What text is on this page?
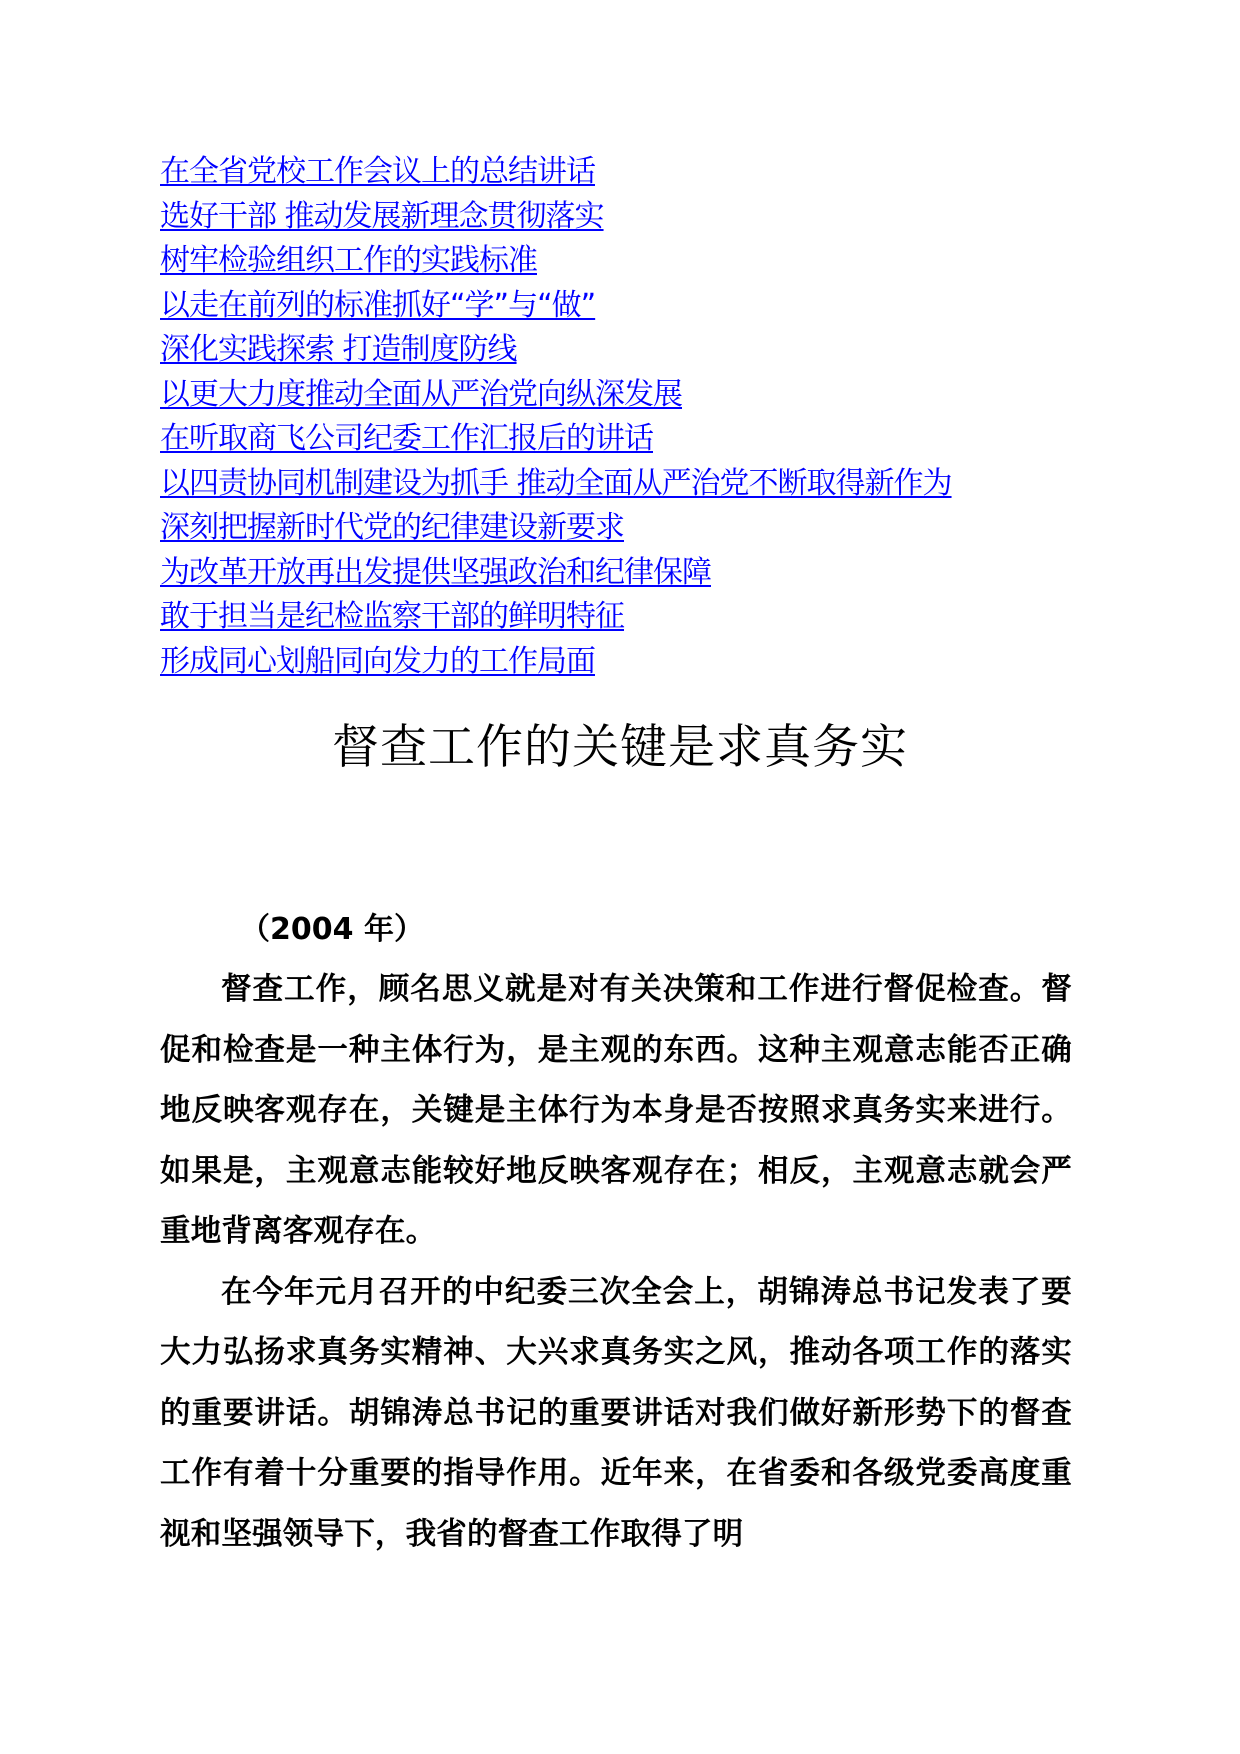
在全省党校工作会议上的总结讲话
选好干部 推动发展新理念贯彻落实
树牢检验组织工作的实践标准
以走在前列的标准抓好“学”与“做”
深化实践探索 打造制度防线
以更大力度推动全面从严治党向纵深发展
在听取商飞公司纪委工作汇报后的讲话
以四责协同机制建设为抓手 推动全面从严治党不断取得新作为
深刻把握新时代党的纪律建设新要求
为改革开放再出发提供坚强政治和纪律保障
敢于担当是纪检监察干部的鲜明特征
形成同心划船同向发力的工作局面
督查工作的关键是求真务实
（2004 年）

督查工作，顾名思义就是对有关决策和工作进行督促检查。督促和检查是一种主体行为，是主观的东西。这种主观意志能否正确地反映客观存在，关键是主体行为本身是否按照求真务实来进行。如果是，主观意志能较好地反映客观存在；相反，主观意志就会严重地背离客观存在。

在今年元月召开的中纪委三次全会上，胡锦涛总书记发表了要大力弘扬求真务实精神、大兴求真务实之风，推动各项工作的落实的重要讲话。胡锦涛总书记的重要讲话对我们做好新形势下的督查工作有着十分重要的指导作用。近年来，在省委和各级党委高度重视和坚强领导下，我省的督查工作取得了明
